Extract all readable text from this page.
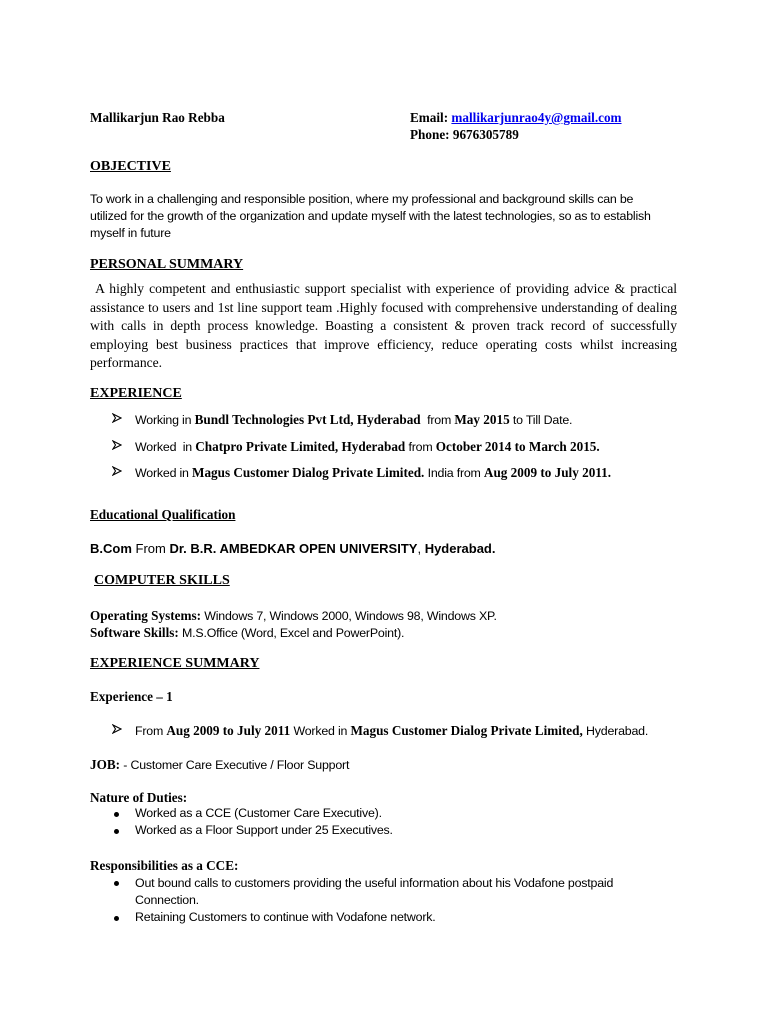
Mallikarjun Rao Rebba	Email: mallikarjunrao4y@gmail.com
Phone: 9676305789
OBJECTIVE
To work in a challenging and responsible position, where my professional and background skills can be utilized for the growth of the organization and update myself with the latest technologies, so as to establish myself in future
PERSONAL SUMMARY
A highly competent and enthusiastic support specialist with experience of providing advice & practical assistance to users and 1st line support team .Highly focused with comprehensive understanding of dealing with calls in depth process knowledge. Boasting a consistent & proven track record of successfully employing best business practices that improve efficiency, reduce operating costs whilst increasing performance.
EXPERIENCE
Working in Bundl Technologies Pvt Ltd, Hyderabad  from May 2015 to Till Date.
Worked  in Chatpro Private Limited, Hyderabad from October 2014 to March 2015.
Worked in Magus Customer Dialog Private Limited. India from Aug 2009 to July 2011.
Educational Qualification
B.Com From Dr. B.R. AMBEDKAR OPEN UNIVERSITY, Hyderabad.
COMPUTER SKILLS
Operating Systems: Windows 7, Windows 2000, Windows 98, Windows XP.
Software Skills: M.S.Office (Word, Excel and PowerPoint).
EXPERIENCE SUMMARY
Experience – 1
From Aug 2009 to July 2011 Worked in Magus Customer Dialog Private Limited, Hyderabad.
JOB: - Customer Care Executive / Floor Support
Nature of Duties:
Worked as a CCE (Customer Care Executive).
Worked as a Floor Support under 25 Executives.
Responsibilities as a CCE:
Out bound calls to customers providing the useful information about his Vodafone postpaid Connection.
Retaining Customers to continue with Vodafone network.
